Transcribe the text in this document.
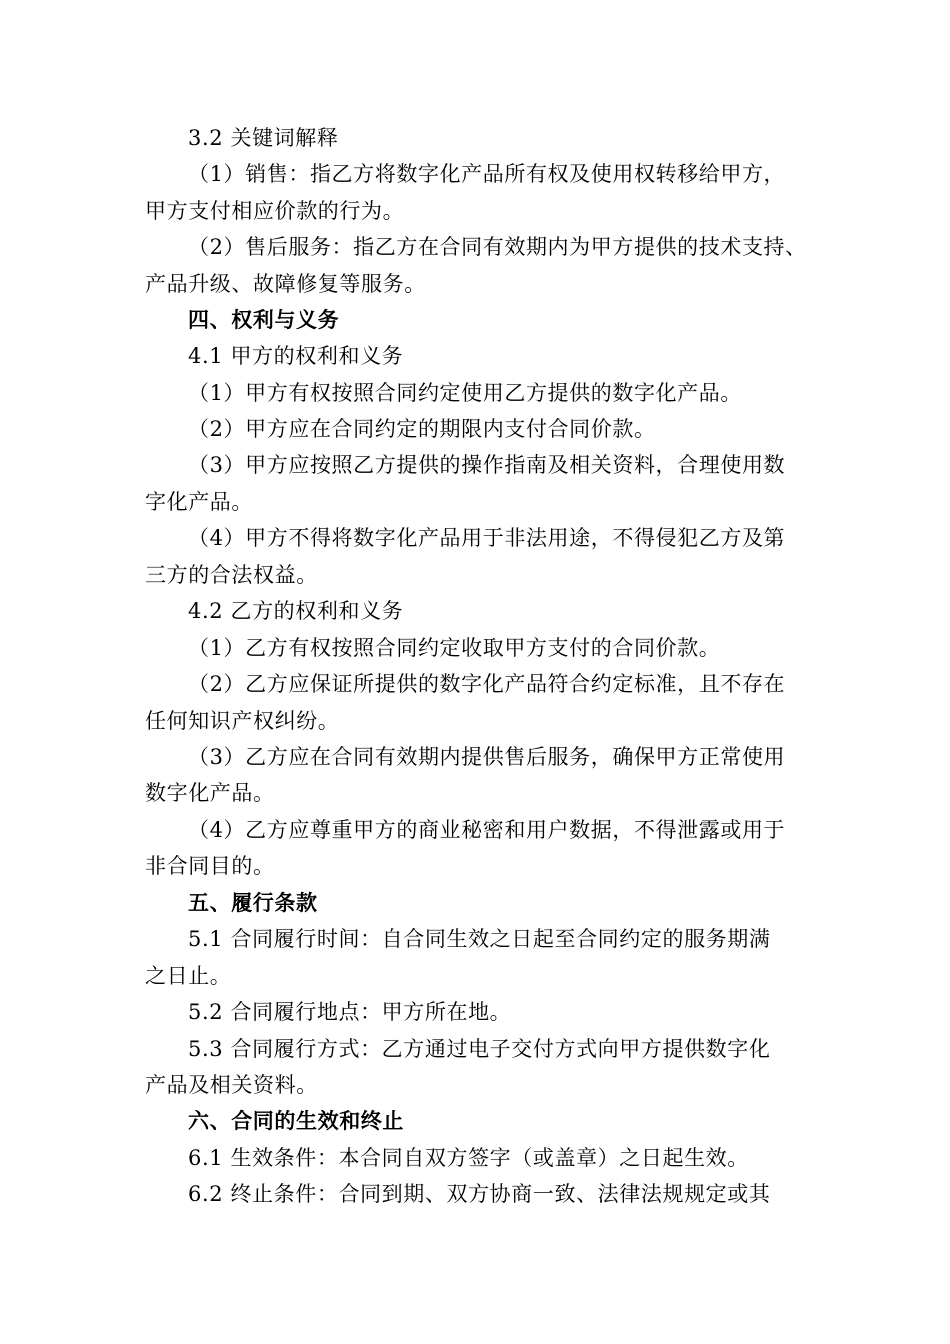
3.2 关键词解释
（1）销售：指乙方将数字化产品所有权及使用权转移给甲方，
甲方支付相应价款的行为。
（2）售后服务：指乙方在合同有效期内为甲方提供的技术支持、
产品升级、故障修复等服务。
四、权利与义务
4.1 甲方的权利和义务
（1）甲方有权按照合同约定使用乙方提供的数字化产品。
（2）甲方应在合同约定的期限内支付合同价款。
（3）甲方应按照乙方提供的操作指南及相关资料，合理使用数
字化产品。
（4）甲方不得将数字化产品用于非法用途，不得侵犯乙方及第
三方的合法权益。
4.2 乙方的权利和义务
（1）乙方有权按照合同约定收取甲方支付的合同价款。
（2）乙方应保证所提供的数字化产品符合约定标准，且不存在
任何知识产权纠纷。
（3）乙方应在合同有效期内提供售后服务，确保甲方正常使用
数字化产品。
（4）乙方应尊重甲方的商业秘密和用户数据，不得泄露或用于
非合同目的。
五、履行条款
5.1 合同履行时间：自合同生效之日起至合同约定的服务期满
之日止。
5.2 合同履行地点：甲方所在地。
5.3 合同履行方式：乙方通过电子交付方式向甲方提供数字化
产品及相关资料。
六、合同的生效和终止
6.1 生效条件：本合同自双方签字（或盖章）之日起生效。
6.2 终止条件：合同到期、双方协商一致、法律法规规定或其
